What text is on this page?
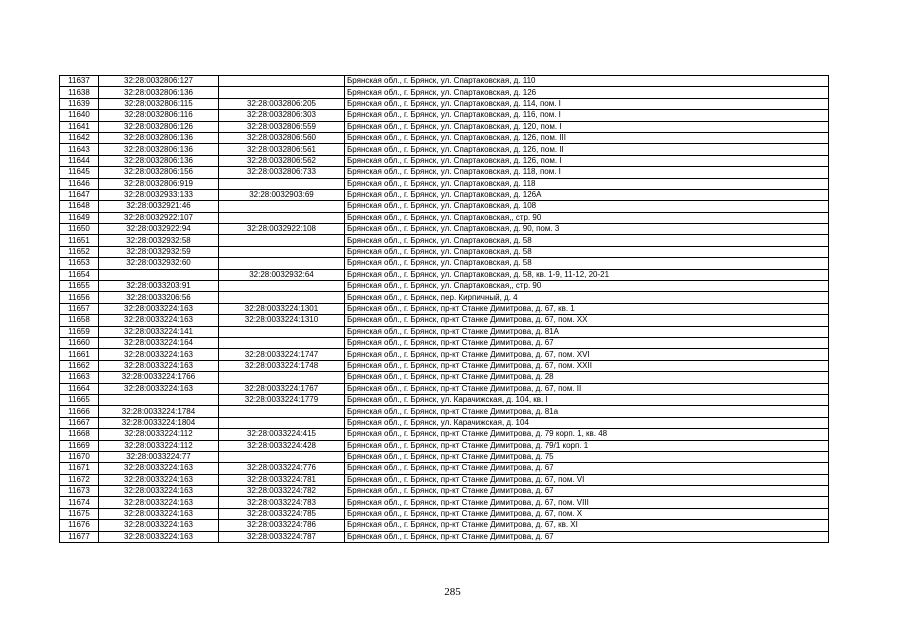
11637	32:28:0032806:127		Брянская обл., г. Брянск, ул. Спартаковская, д. 110
11638	32:28:0032806:136		Брянская обл., г. Брянск, ул. Спартаковская, д. 126
11639	32:28:0032806:115	32:28:0032806:205	Брянская обл., г. Брянск, ул. Спартаковская, д. 114, пом. I
11640	32:28:0032806:116	32:28:0032806:303	Брянская обл., г. Брянск, ул. Спартаковская, д. 116, пом. I
11641	32:28:0032806:126	32:28:0032806:559	Брянская обл., г. Брянск, ул. Спартаковская, д. 120, пом. I
11642	32:28:0032806:136	32:28:0032806:560	Брянская обл., г. Брянск, ул. Спартаковская, д. 126, пом. III
11643	32:28:0032806:136	32:28:0032806:561	Брянская обл., г. Брянск, ул. Спартаковская, д. 126, пом. II
11644	32:28:0032806:136	32:28:0032806:562	Брянская обл., г. Брянск, ул. Спартаковская, д. 126, пом. I
11645	32:28:0032806:156	32:28:0032806:733	Брянская обл., г. Брянск, ул. Спартаковская, д. 118, пом. I
11646	32:28:0032806:919		Брянская обл., г. Брянск, ул. Спартаковская, д. 118
11647	32:28:0032933:133	32:28:0032903:69	Брянская обл., г. Брянск, ул. Спартаковская, д. 126А
11648	32:28:0032921:46		Брянская обл., г. Брянск, ул. Спартаковская, д. 108
11649	32:28:0032922:107		Брянская обл., г. Брянск, ул. Спартаковская,, стр. 90
11650	32:28:0032922:94	32:28:0032922:108	Брянская обл., г. Брянск, ул. Спартаковская, д. 90, пом. 3
11651	32:28:0032932:58		Брянская обл., г. Брянск, ул. Спартаковская, д. 58
11652	32:28:0032932:59		Брянская обл., г. Брянск, ул. Спартаковская, д. 58
11653	32:28:0032932:60		Брянская обл., г. Брянск, ул. Спартаковская, д. 58
11654		32:28:0032932:64	Брянская обл., г. Брянск, ул. Спартаковская, д. 58, кв. 1-9, 11-12, 20-21
11655	32:28:0033203:91		Брянская обл., г. Брянск, ул. Спартаковская,, стр. 90
11656	32:28:0033206:56		Брянская обл., г. Брянск, пер. Кирпичный, д. 4
11657	32:28:0033224:163	32:28:0033224:1301	Брянская обл., г. Брянск, пр-кт Станке Димитрова, д. 67, кв. 1
11658	32:28:0033224:163	32:28:0033224:1310	Брянская обл., г. Брянск, пр-кт Станке Димитрова, д. 67, пом. XX
11659	32:28:0033224:141		Брянская обл., г. Брянск, пр-кт Станке Димитрова, д. 81А
11660	32:28:0033224:164		Брянская обл., г. Брянск, пр-кт Станке Димитрова, д. 67
11661	32:28:0033224:163	32:28:0033224:1747	Брянская обл., г. Брянск, пр-кт Станке Димитрова, д. 67, пом. XVI
11662	32:28:0033224:163	32:28:0033224:1748	Брянская обл., г. Брянск, пр-кт Станке Димитрова, д. 67, пом. XXII
11663	32:28:0033224:1766		Брянская обл., г. Брянск, пр-кт Станке Димитрова, д. 28
11664	32:28:0033224:163	32:28:0033224:1767	Брянская обл., г. Брянск, пр-кт Станке Димитрова, д. 67, пом. II
11665		32:28:0033224:1779	Брянская обл., г. Брянск, ул. Карачижская, д. 104, кв. I
11666	32:28:0033224:1784		Брянская обл., г. Брянск, пр-кт Станке Димитрова, д. 81а
11667	32:28:0033224:1804		Брянская обл., г. Брянск, ул. Карачижская, д. 104
11668	32:28:0033224:112	32:28:0033224:415	Брянская обл., г. Брянск, пр-кт Станке Димитрова, д. 79 корп. 1, кв. 48
11669	32:28:0033224:112	32:28:0033224:428	Брянская обл., г. Брянск, пр-кт Станке Димитрова, д. 79/1 корп. 1
11670	32:28:0033224:77		Брянская обл., г. Брянск, пр-кт Станке Димитрова, д. 75
11671	32:28:0033224:163	32:28:0033224:776	Брянская обл., г. Брянск, пр-кт Станке Димитрова, д. 67
11672	32:28:0033224:163	32:28:0033224:781	Брянская обл., г. Брянск, пр-кт Станке Димитрова, д. 67, пом. VI
11673	32:28:0033224:163	32:28:0033224:782	Брянская обл., г. Брянск, пр-кт Станке Димитрова, д. 67
11674	32:28:0033224:163	32:28:0033224:783	Брянская обл., г. Брянск, пр-кт Станке Димитрова, д. 67, пом. VIII
11675	32:28:0033224:163	32:28:0033224:785	Брянская обл., г. Брянск, пр-кт Станке Димитрова, д. 67, пом. X
11676	32:28:0033224:163	32:28:0033224:786	Брянская обл., г. Брянск, пр-кт Станке Димитрова, д. 67, кв. XI
11677	32:28:0033224:163	32:28:0033224:787	Брянская обл., г. Брянск, пр-кт Станке Димитрова, д. 67
285
